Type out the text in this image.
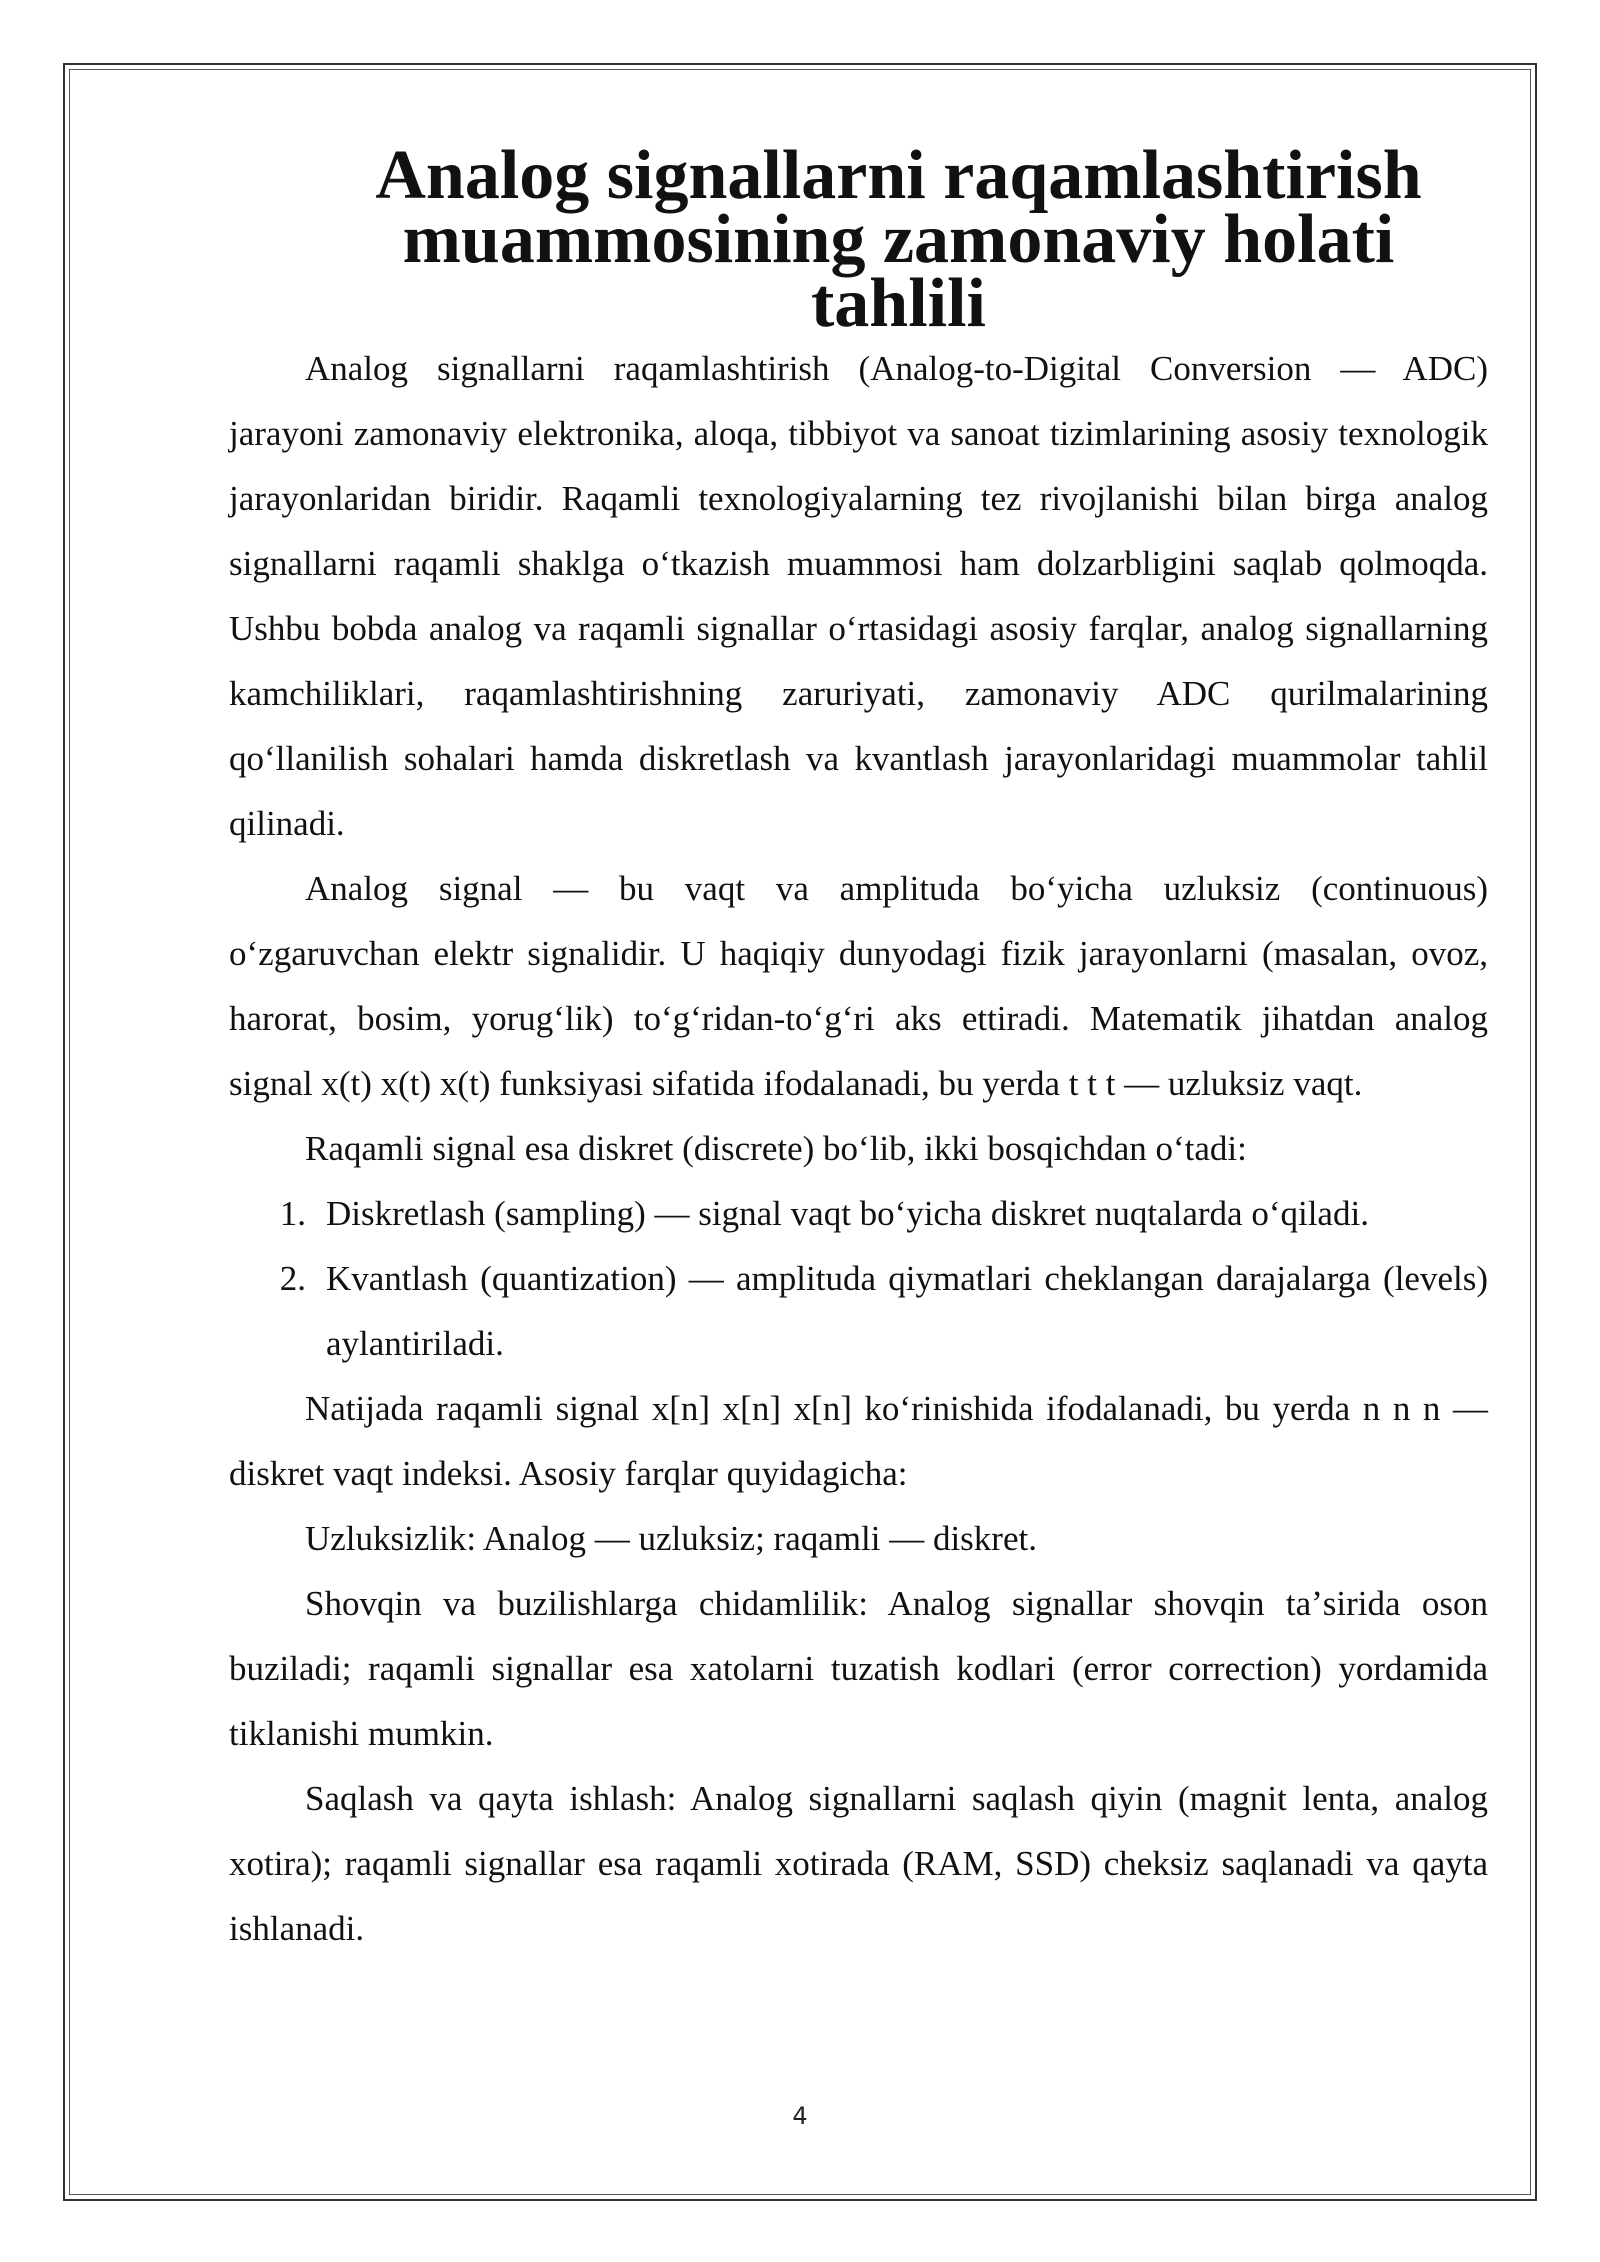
Analog signallarni raqamlashtirish muammosining zamonaviy holati tahlili

Analog signallarni raqamlashtirish (Analog-to-Digital Conversion — ADC) jarayoni zamonaviy elektronika, aloqa, tibbiyot va sanoat tizimlarining asosiy texnologik jarayonlaridan biridir. Raqamli texnologiyalarning tez rivojlanishi bilan birga analog signallarni raqamli shaklga oʻtkazish muammosi ham dolzarbligini saqlab qolmoqda. Ushbu bobda analog va raqamli signallar oʻrtasidagi asosiy farqlar, analog signallarning kamchiliklari, raqamlashtirishning zaruriyati, zamonaviy ADC qurilmalarining qoʻllanilish sohalari hamda diskretlash va kvantlash jarayonlaridagi muammolar tahlil qilinadi.

Analog signal — bu vaqt va amplituda boʻyicha uzluksiz (continuous) oʻzgaruvchan elektr signalidir. U haqiqiy dunyodagi fizik jarayonlarni (masalan, ovoz, harorat, bosim, yorugʻlik) toʻgʻridan-toʻgʻri aks ettiradi. Matematik jihatdan analog signal x(t) x(t) x(t) funksiyasi sifatida ifodalanadi, bu yerda t t t — uzluksiz vaqt.

Raqamli signal esa diskret (discrete) boʻlib, ikki bosqichdan oʻtadi:

1. Diskretlash (sampling) — signal vaqt boʻyicha diskret nuqtalarda oʻqiladi.
2. Kvantlash (quantization) — amplituda qiymatlari cheklangan darajalarga (levels) aylantiriladi.

Natijada raqamli signal x[n] x[n] x[n] koʻrinishida ifodalanadi, bu yerda n n n — diskret vaqt indeksi. Asosiy farqlar quyidagicha:

Uzluksizlik: Analog — uzluksiz; raqamli — diskret.

Shovqin va buzilishlarga chidamlilik: Analog signallar shovqin taʼsirida oson buziladi; raqamli signallar esa xatolarni tuzatish kodlari (error correction) yordamida tiklanishi mumkin.

Saqlash va qayta ishlash: Analog signallarni saqlash qiyin (magnit lenta, analog xotira); raqamli signallar esa raqamli xotirada (RAM, SSD) cheksiz saqlanadi va qayta ishlanadi.

4
